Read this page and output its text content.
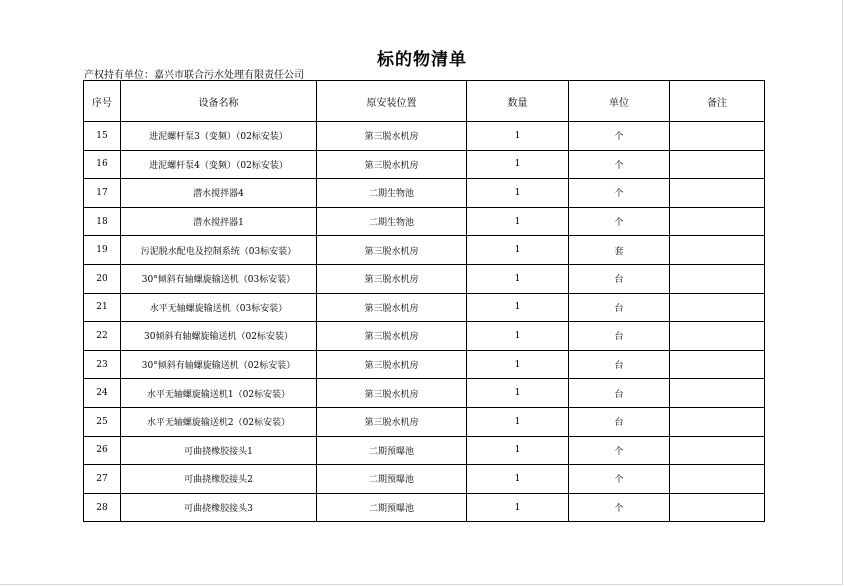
标的物清单
产权持有单位：嘉兴市联合污水处理有限责任公司
序号	设备名称	原安装位置	数量	单位	备注
15	进泥螺杆泵3（变频）（02标安装）	第三脱水机房	1	个	
16	进泥螺杆泵4（变频）（02标安装）	第三脱水机房	1	个	
17	潜水搅拌器4	二期生物池	1	个	
18	潜水搅拌器1	二期生物池	1	个	
19	污泥脱水配电及控制系统（03标安装）	第三脱水机房	1	套	
20	30°倾斜有轴螺旋输送机（03标安装）	第三脱水机房	1	台	
21	水平无轴螺旋输送机（03标安装）	第三脱水机房	1	台	
22	30倾斜有轴螺旋输送机（02标安装）	第三脱水机房	1	台	
23	30°倾斜有轴螺旋输送机（02标安装）	第三脱水机房	1	台	
24	水平无轴螺旋输送机1（02标安装）	第三脱水机房	1	台	
25	水平无轴螺旋输送机2（02标安装）	第三脱水机房	1	台	
26	可曲挠橡胶接头1	二期预曝池	1	个	
27	可曲挠橡胶接头2	二期预曝池	1	个	
28	可曲挠橡胶接头3	二期预曝池	1	个	
